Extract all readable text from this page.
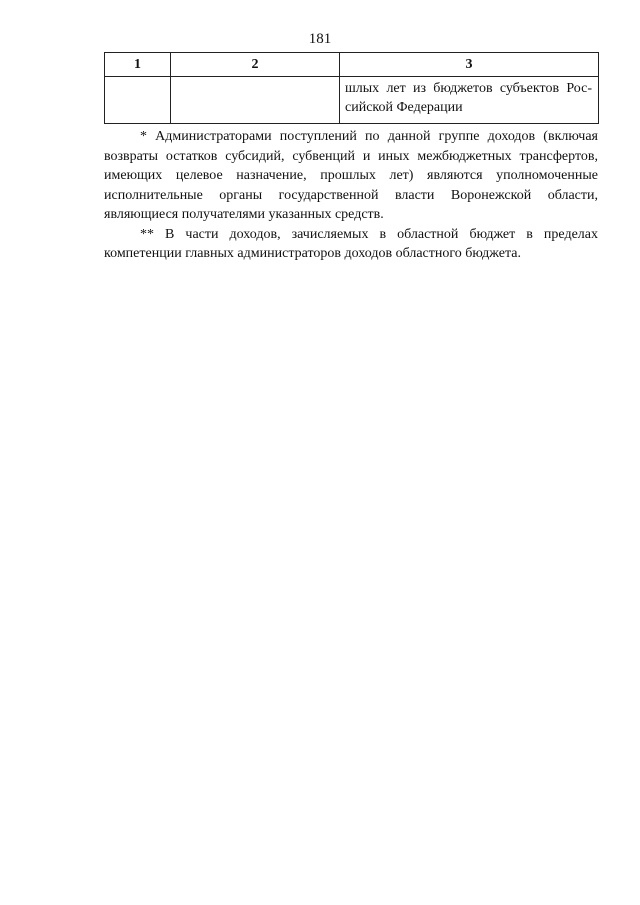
181
1	2	3
		шлых лет из бюджетов субъектов Российской Федерации

* Администраторами поступлений по данной группе доходов (включая возвраты остатков субсидий, субвенций и иных межбюджетных трансфертов, имеющих целевое назначение, прошлых лет) являются уполномоченные исполнительные органы государственной власти Воронежской области, являющиеся получателями указанных средств.

** В части доходов, зачисляемых в областной бюджет в пределах компетенции главных администраторов доходов областного бюджета.
